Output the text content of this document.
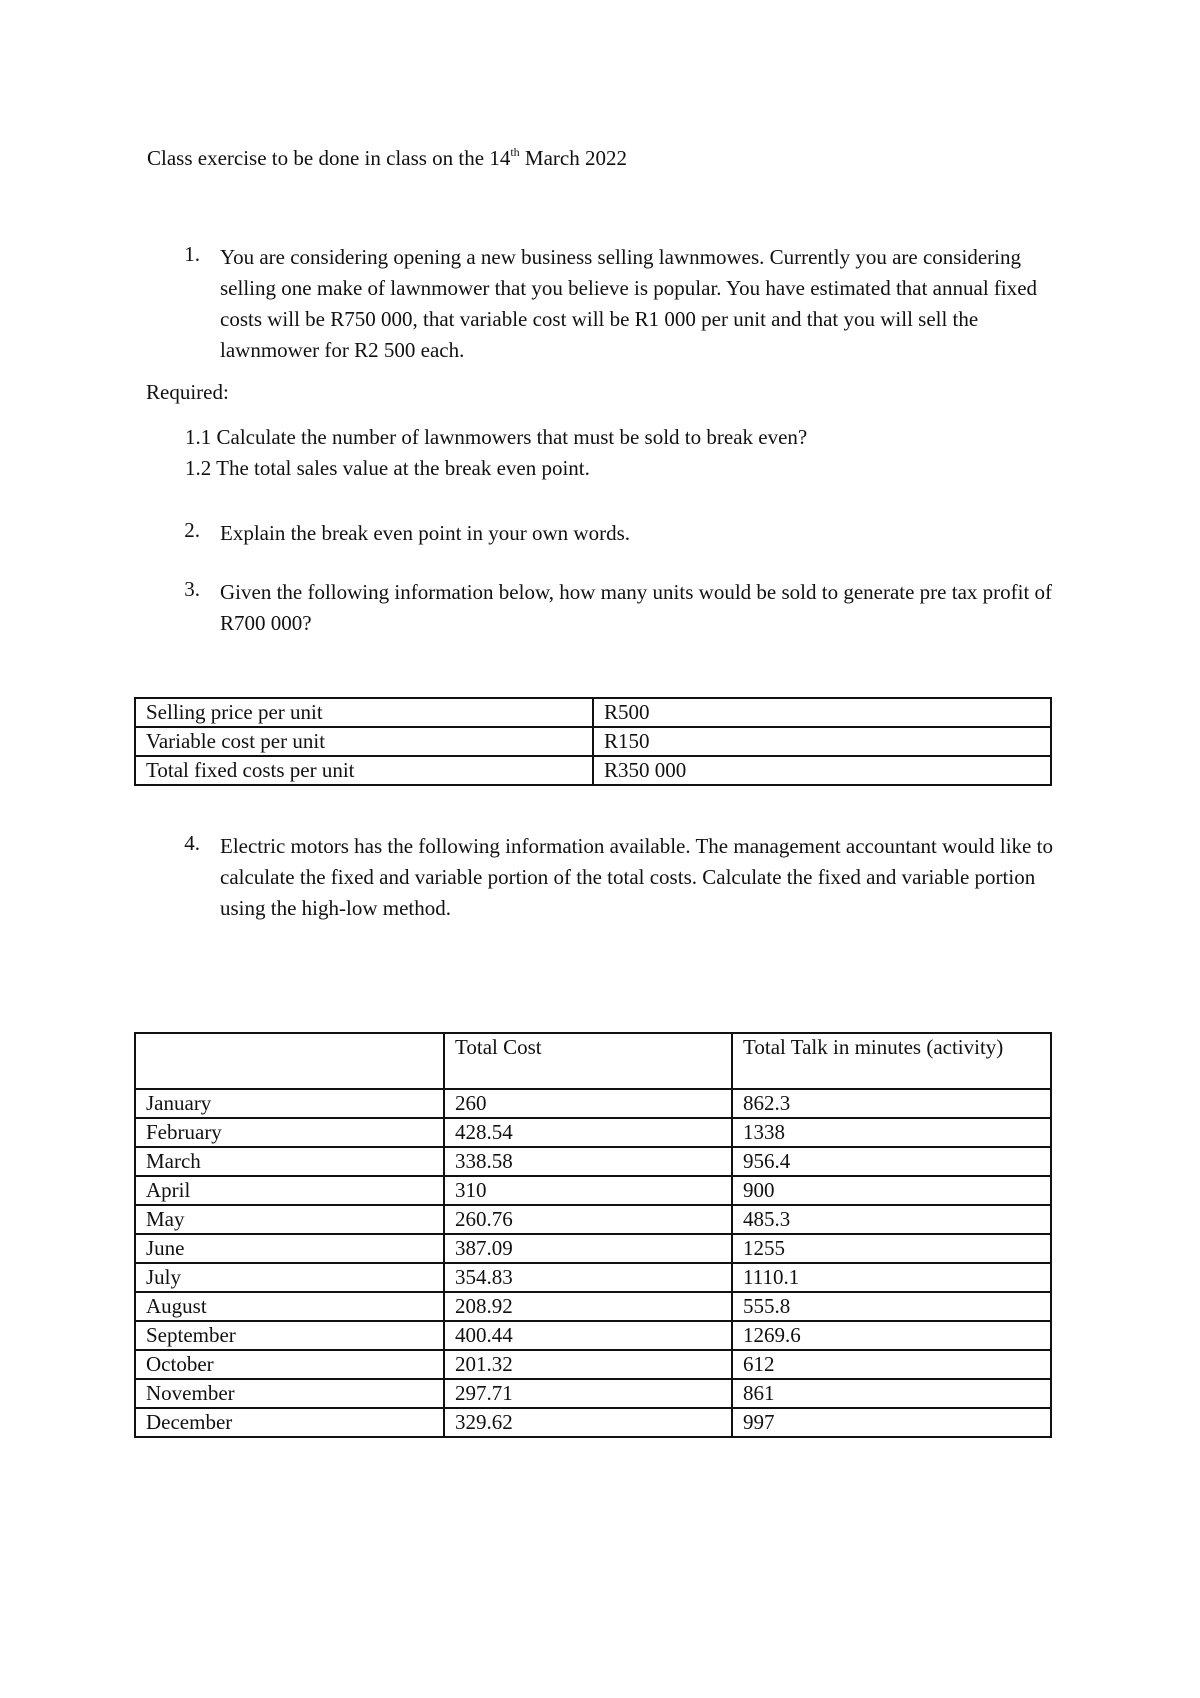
Class exercise to be done in class on the 14th March 2022
1. You are considering opening a new business selling lawnmowes. Currently you are considering selling one make of lawnmower that you believe is popular. You have estimated that annual fixed costs will be R750 000, that variable cost will be R1 000 per unit and that you will sell the lawnmower for R2 500 each.
Required:
1.1 Calculate the number of lawnmowers that must be sold to break even?
1.2 The total sales value at the break even point.
2. Explain the break even point in your own words.
3. Given the following information below, how many units would be sold to generate pre tax profit of R700 000?
Selling price per unit	R500
Variable cost per unit	R150
Total fixed costs per unit	R350 000
4. Electric motors has the following information available. The management accountant would like to calculate the fixed and variable portion of the total costs. Calculate the fixed and variable portion using the high-low method.
	Total Cost	Total Talk in minutes (activity)
January	260	862.3
February	428.54	1338
March	338.58	956.4
April	310	900
May	260.76	485.3
June	387.09	1255
July	354.83	1110.1
August	208.92	555.8
September	400.44	1269.6
October	201.32	612
November	297.71	861
December	329.62	997
